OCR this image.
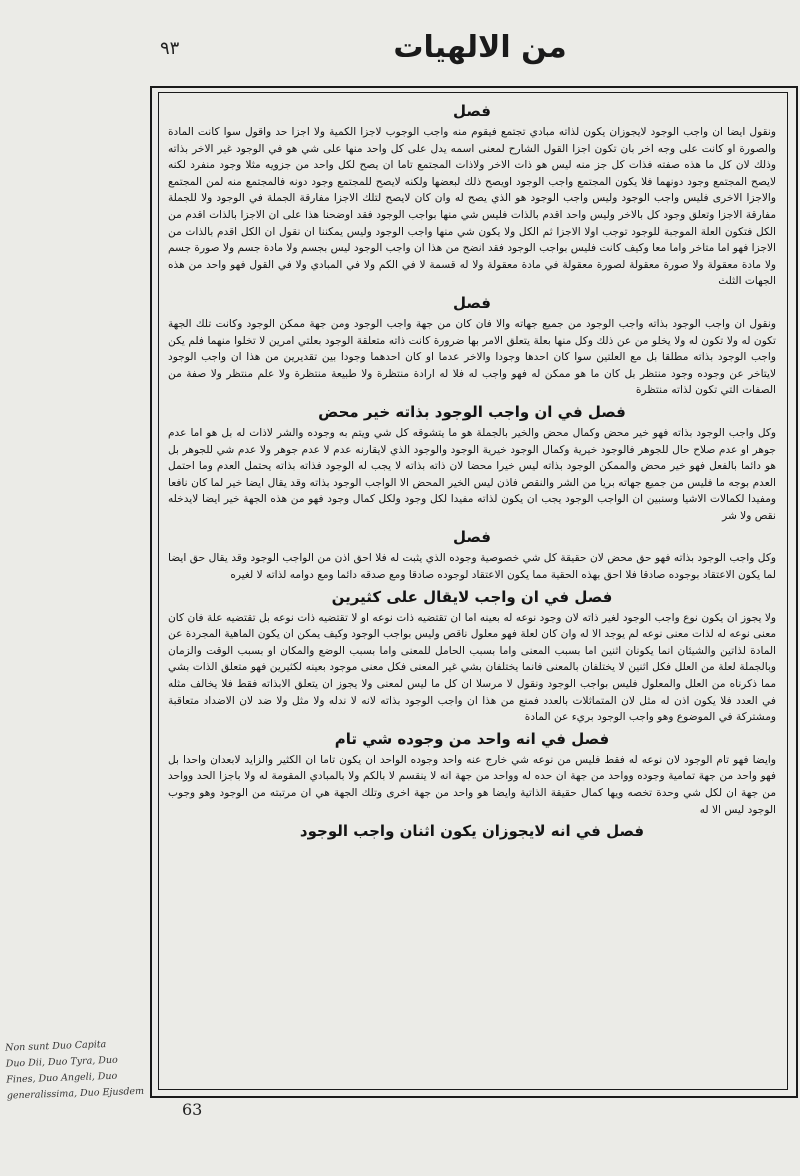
٩٣	من الالهيات
فصل

ونقول ايضا ان واجب الوجود لايجوزان يكون لذاته مبادي تجتمع فيقوم منه واجب الوجوب لاجزا الكمية ولا اجزا حد واقول سوا كانت المادة والصورة او كانت على وجه اخر بان تكون اجزا القول الشارح لمعنى اسمه يدل على كل واحد منها على شي هو في الوجود غير الاخر بذاته وذلك لان كل ما هذه صفته فذات كل جز منه ليس هو ذات الاخر ولاذات المجتمع تاما ان يصح لكل واحد من جزويه مثلا وجود منفرد لكنه لايصح المجتمع وجود دونهما فلا يكون المجتمع واجب الوجود اويصح ذلك لبعضها ولكنه لايصح للمجتمع وجود دونه فالمجتمع منه لمن المجتمع والاجزا الاخرى فليس واجب الوجود وليس واجب الوجود هو الذي يصح له وان كان لايصح لتلك الاجزا مفارقة الجملة في الوجود ولا للجملة مفارقة الاجزا وتعلق وجود كل بالاخر وليس واحد اقدم بالذات فليس شي منها بواجب الوجود فقد اوضحنا هذا على ان الاجزا بالذات اقدم من الكل فتكون العلة الموجبة للوجود توجب اولا الاجزا ثم الكل ولا يكون شي منها واجب الوجود وليس يمكننا ان نقول ان الكل اقدم بالذات من الاجزا فهو اما متاخر واما معا وكيف كانت فليس بواجب الوجود فقد انضح من هذا ان واجب الوجود ليس بجسم ولا مادة جسم ولا صورة جسم ولا مادة معقولة ولا صورة معقولة لصورة معقولة في مادة معقولة ولا له قسمة لا في الكم ولا في المبادي ولا في القول فهو واحد من هذه الجهات الثلث

فصل

ونقول ان واجب الوجود بذاته واجب الوجود من جميع جهاته والا فان كان من جهة واجب الوجود ومن جهة ممكن الوجود وكانت تلك الجهة تكون له ولا تكون له ولا يخلو من عن ذلك وكل منها بعلة يتعلق الامر بها ضرورة كانت ذاته متعلقة الوجود بعلتي امرين لا تخلوا منهما فلم يكن واجب الوجود بذاته مطلقا بل مع العلتين سوا كان احدها وجودا والاخر عدما او كان احدهما وجودا بين تقديرين من هذا ان واجب الوجود لايتاخر عن وجوده وجود منتظر بل كان ما هو ممكن له فهو واجب له فلا له ارادة منتظرة ولا طبيعة منتظرة ولا علم منتظر ولا صفة من الصفات التي تكون لذاته منتظرة

فصل في ان واجب الوجود بذاته خير محض

وكل واجب الوجود بذاته فهو خير محض وكمال محض والخير بالجملة هو ما يتشوقه كل شي ويتم به وجوده والشر لاذات له بل هو اما عدم جوهر او عدم صلاح حال للجوهر فالوجود خيرية وكمال الوجود خيرية الوجود والوجود الذي لايقارنه عدم لا عدم جوهر ولا عدم شي للجوهر بل هو دائما بالفعل فهو خير محض والممكن الوجود بذاته ليس خيرا محضا لان ذاته بذاته لا يجب له الوجود فذاته بذاته يحتمل العدم وما احتمل العدم بوجه ما فليس من جميع جهاته بريا من الشر والنقص فاذن ليس الخير المحض الا الواجب الوجود بذاته وقد يقال ايضا خير لما كان نافعا ومفيدا لكمالات الاشيا وسنبين ان الواجب الوجود يجب ان يكون لذاته مفيدا لكل وجود ولكل كمال وجود فهو من هذه الجهة خير ايضا لايدخله نقص ولا شر

فصل

وكل واجب الوجود بذاته فهو حق محض لان حقيقة كل شي خصوصية وجوده الذي يثبت له فلا احق اذن من الواجب الوجود وقد يقال حق ايضا لما يكون الاعتقاد بوجوده صادقا فلا احق بهذه الحقية مما يكون الاعتقاد لوجوده صادقا ومع صدقه دائما ومع دوامه لذاته لا لغيره

فصل في ان واجب لايقال على كثيرين

ولا يجوز ان يكون نوع واجب الوجود لغير ذاته لان وجود نوعه له بعينه اما ان تقتضيه ذات نوعه او لا تقتضيه ذات نوعه بل تقتضيه علة فان كان معنى نوعه له لذات معنى نوعه لم يوجد الا له وان كان لعلة فهو معلول ناقص وليس بواجب الوجود وكيف يمكن ان يكون الماهية المجردة عن المادة لذاتين والشيئان انما يكونان اثنين اما بسبب المعنى واما بسبب الحامل للمعنى واما بسبب الوضع والمكان او بسبب الوقت والزمان وبالجملة لعلة من العلل فكل اثنين لا يختلفان بالمعنى فانما يختلفان بشي غير المعنى فكل معنى موجود بعينه لكثيرين فهو متعلق الذات بشي مما ذكرناه من العلل والمعلول فليس بواجب الوجود ونقول لا مرسلا ان كل ما ليس لمعنى ولا يجوز ان يتعلق الابذاته فقط فلا يخالف مثله في العدد فلا يكون اذن له مثل لان المتماثلات بالعدد فمنع من هذا ان واجب الوجود بذاته لانه لا ندله ولا مثل ولا ضد لان الاضداد متعاقبة ومشتركة في الموضوع وهو واجب الوجود بريء عن المادة

فصل في انه واحد من وجوده شي تام

وايضا فهو تام الوجود لان نوعه له فقط فليس من نوعه شي خارج عنه واحد وجوده الواحد ان يكون تاما ان الكثير والزايد لابعدان واحدا بل فهو واحد من جهة تمامية وجوده وواحد من جهة ان حده له وواحد من جهة انه لا ينقسم لا بالكم ولا بالمبادي المقومة له ولا باجزا الحد وواحد من جهة ان لكل شي وحدة تخصه ويها كمال حقيقة الذاتية وايضا هو واحد من جهة اخرى وتلك الجهة هي ان مرتبته من الوجود وهو وجوب الوجود ليس الا له

فصل في انه لايجوزان يكون اثنان واجب الوجود
63
Non sunt Duo Capita
Duo Dii, Duo Tyra, Duo
Fines, Duo Angeli, Duo
generalissima, Duo Ejusdem
